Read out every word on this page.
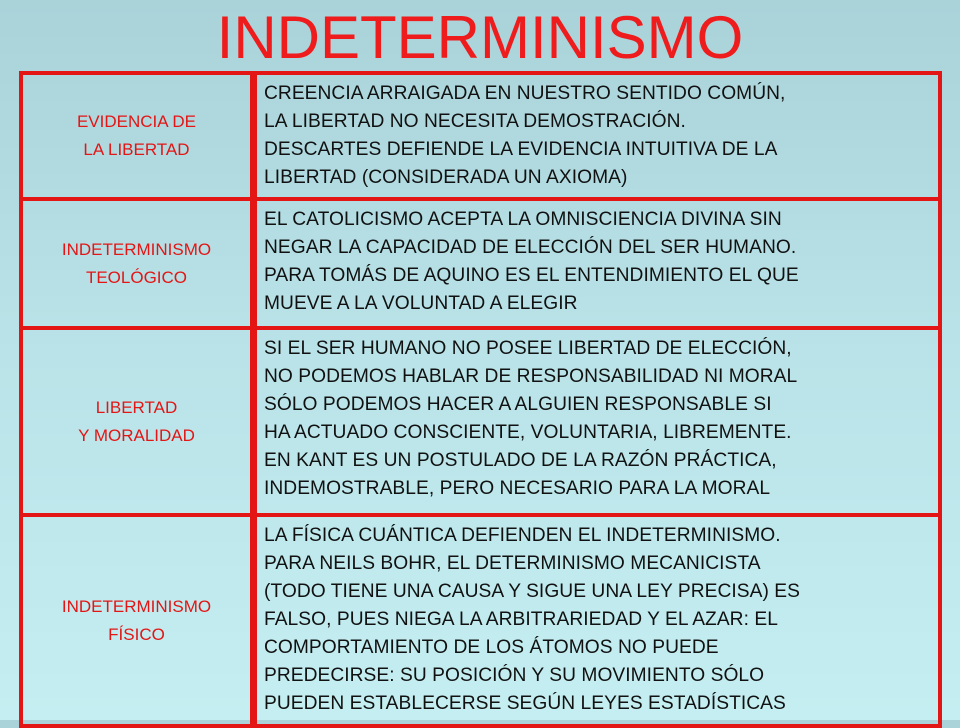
INDETERMINISMO
EVIDENCIA DE
LA LIBERTAD
CREENCIA ARRAIGADA EN NUESTRO SENTIDO COMÚN,
LA LIBERTAD NO NECESITA DEMOSTRACIÓN.
DESCARTES DEFIENDE LA EVIDENCIA INTUITIVA DE LA
LIBERTAD (CONSIDERADA UN AXIOMA)
INDETERMINISMO
TEOLÓGICO
EL CATOLICISMO ACEPTA LA OMNISCIENCIA DIVINA SIN
NEGAR LA CAPACIDAD DE ELECCIÓN DEL SER HUMANO.
PARA TOMÁS DE AQUINO ES EL ENTENDIMIENTO EL QUE
MUEVE A LA VOLUNTAD A ELEGIR
LIBERTAD
Y MORALIDAD
SI EL SER HUMANO NO POSEE LIBERTAD DE ELECCIÓN,
NO PODEMOS HABLAR DE RESPONSABILIDAD NI MORAL
SÓLO PODEMOS HACER A ALGUIEN RESPONSABLE SI
HA ACTUADO CONSCIENTE, VOLUNTARIA, LIBREMENTE.
EN KANT ES UN POSTULADO DE LA RAZÓN PRÁCTICA,
INDEMOSTRABLE, PERO NECESARIO PARA LA MORAL
INDETERMINISMO
FÍSICO
LA FÍSICA CUÁNTICA DEFIENDEN EL INDETERMINISMO.
PARA NEILS BOHR, EL DETERMINISMO MECANICISTA
(TODO TIENE UNA CAUSA Y SIGUE UNA LEY PRECISA) ES
FALSO, PUES NIEGA LA ARBITRARIEDAD Y EL AZAR: EL
COMPORTAMIENTO DE LOS ÁTOMOS NO PUEDE
PREDECIRSE: SU POSICIÓN Y SU MOVIMIENTO SÓLO
PUEDEN ESTABLECERSE SEGÚN LEYES ESTADÍSTICAS
